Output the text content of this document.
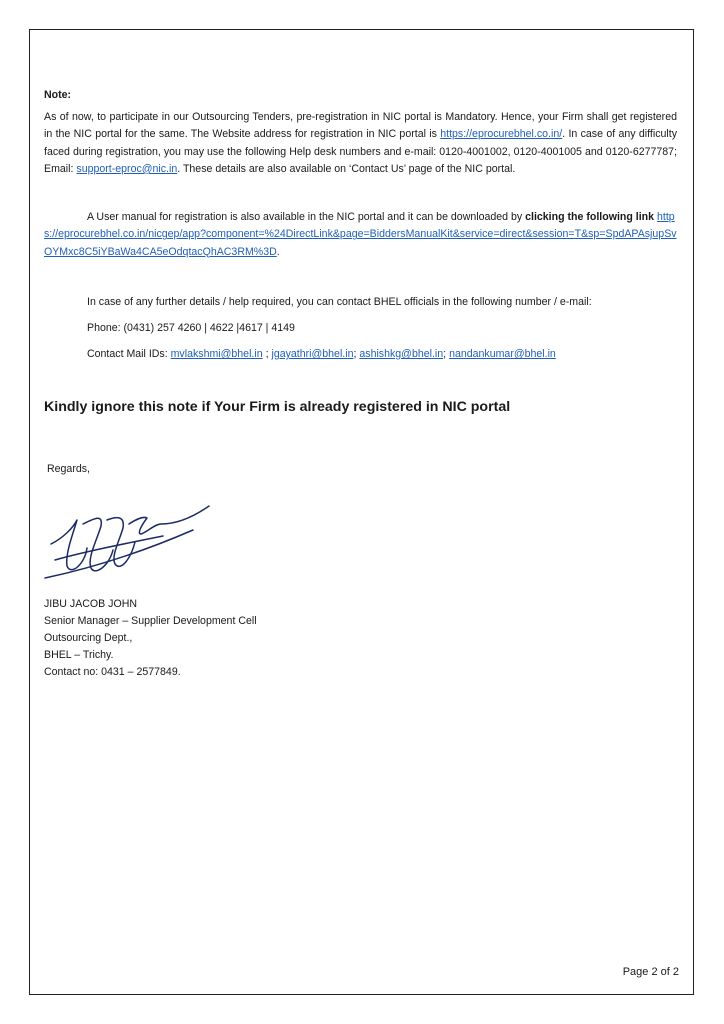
Note:
As of now, to participate in our Outsourcing Tenders, pre-registration in NIC portal is Mandatory. Hence, your Firm shall get registered in the NIC portal for the same. The Website address for registration in NIC portal is https://eprocurebhel.co.in/. In case of any difficulty faced during registration, you may use the following Help desk numbers and e-mail: 0120-4001002, 0120-4001005 and 0120-6277787; Email: support-eproc@nic.in. These details are also available on ‘Contact Us’ page of the NIC portal.
A User manual for registration is also available in the NIC portal and it can be downloaded by clicking the following link https://eprocurebhel.co.in/nicgep/app?component=%24DirectLink&page=BiddersManualKit&service=direct&session=T&sp=SpdAPAsjupSvOYMxc8C5iYBaWa4CA5eOdqtacQhAC3RM%3D.
In case of any further details / help required, you can contact BHEL officials in the following number / e-mail:
Phone: (0431) 257 4260 | 4622 |4617 | 4149
Contact Mail IDs: mvlakshmi@bhel.in ; jgayathri@bhel.in; ashishkg@bhel.in; nandankumar@bhel.in
Kindly ignore this note if Your Firm is already registered in NIC portal
Regards,
JIBU JACOB JOHN
Senior Manager – Supplier Development Cell
Outsourcing Dept.,
BHEL – Trichy.
Contact no: 0431 – 2577849.
Page 2 of 2
